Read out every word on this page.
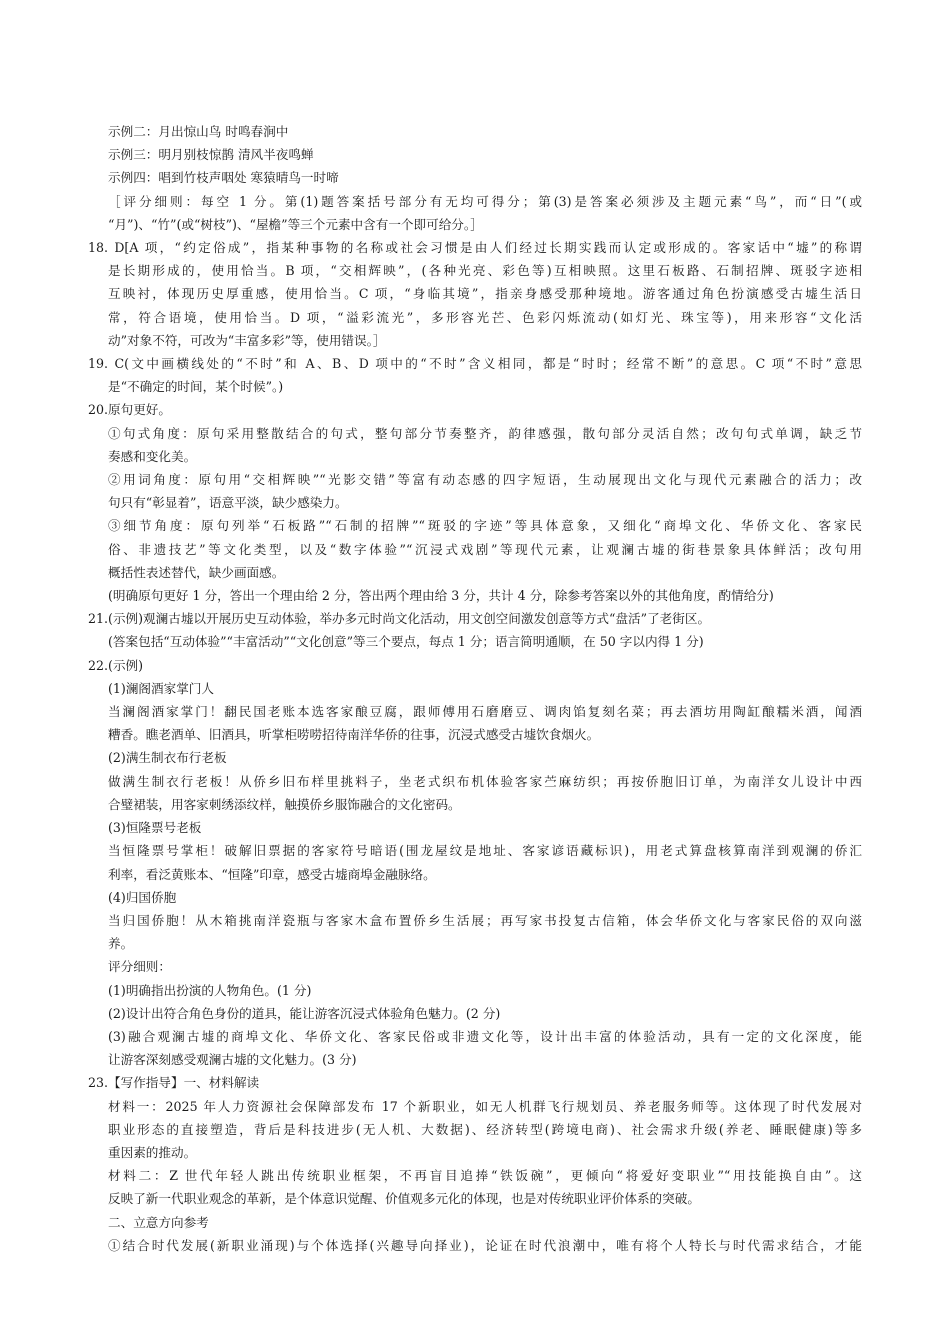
示例二：月出惊山鸟 时鸣春涧中
示例三：明月别枝惊鹊 清风半夜鸣蝉
示例四：唱到竹枝声咽处 寒猿晴鸟一时啼
［评分细则：每空 1 分。第(1)题答案括号部分有无均可得分；第(3)是答案必须涉及主题元素“鸟”，而“日”(或
“月”)、“竹”(或“树枝”)、“屋檐”等三个元素中含有一个即可给分。］
18. D[A 项，“约定俗成”，指某种事物的名称或社会习惯是由人们经过长期实践而认定或形成的。客家话中“墟”的称谓
是长期形成的，使用恰当。B 项，“交相辉映”，(各种光亮、彩色等)互相映照。这里石板路、石制招牌、斑驳字迹相
互映衬，体现历史厚重感，使用恰当。C 项，“身临其境”，指亲身感受那种境地。游客通过角色扮演感受古墟生活日
常，符合语境，使用恰当。D 项，“溢彩流光”，多形容光芒、色彩闪烁流动(如灯光、珠宝等)，用来形容“文化活
动”对象不符，可改为“丰富多彩”等，使用错误。］
19. C(文中画横线处的“不时”和 A、B、D 项中的“不时”含义相同，都是“时时；经常不断”的意思。C 项“不时”意思
是“不确定的时间，某个时候”。)
20.原句更好。
①句式角度：原句采用整散结合的句式，整句部分节奏整齐，韵律感强，散句部分灵活自然；改句句式单调，缺乏节
奏感和变化美。
②用词角度：原句用“交相辉映”“光影交错”等富有动态感的四字短语，生动展现出文化与现代元素融合的活力；改
句只有“彰显着”，语意平淡，缺少感染力。
③细节角度：原句列举“石板路”“石制的招牌”“斑驳的字迹”等具体意象，又细化“商埠文化、华侨文化、客家民
俗、非遗技艺”等文化类型，以及“数字体验”“沉浸式戏剧”等现代元素，让观澜古墟的街巷景象具体鲜活；改句用
概括性表述替代，缺少画面感。
(明确原句更好 1 分，答出一个理由给 2 分，答出两个理由给 3 分，共计 4 分，除参考答案以外的其他角度，酌情给分)
21.(示例)观澜古墟以开展历史互动体验，举办多元时尚文化活动，用文创空间激发创意等方式“盘活”了老街区。
(答案包括“互动体验”“丰富活动”“文化创意”等三个要点，每点 1 分；语言简明通顺，在 50 字以内得 1 分)
22.(示例)
(1)澜阁酒家掌门人
当澜阁酒家掌门！翻民国老账本选客家酿豆腐，跟师傅用石磨磨豆、调肉馅复刻名菜；再去酒坊用陶缸酿糯米酒，闻酒
糟香。瞧老酒单、旧酒具，听掌柜唠唠招待南洋华侨的往事，沉浸式感受古墟饮食烟火。
(2)满生制衣布行老板
做满生制衣行老板！从侨乡旧布样里挑料子，坐老式织布机体验客家苎麻纺织；再按侨胞旧订单，为南洋女儿设计中西
合璧裙装，用客家刺绣添纹样，触摸侨乡服饰融合的文化密码。
(3)恒隆票号老板
当恒隆票号掌柜！破解旧票据的客家符号暗语(围龙屋纹是地址、客家谚语藏标识)，用老式算盘核算南洋到观澜的侨汇
利率，看泛黄账本、“恒隆”印章，感受古墟商埠金融脉络。
(4)归国侨胞
当归国侨胞！从木箱挑南洋瓷瓶与客家木盒布置侨乡生活展；再写家书投复古信箱，体会华侨文化与客家民俗的双向滋
养。
评分细则：
(1)明确指出扮演的人物角色。(1 分)
(2)设计出符合角色身份的道具，能让游客沉浸式体验角色魅力。(2 分)
(3)融合观澜古墟的商埠文化、华侨文化、客家民俗或非遗文化等，设计出丰富的体验活动，具有一定的文化深度，能
让游客深刻感受观澜古墟的文化魅力。(3 分)
23.【写作指导】一、材料解读
材料一：2025 年人力资源社会保障部发布 17 个新职业，如无人机群飞行规划员、养老服务师等。这体现了时代发展对
职业形态的直接塑造，背后是科技进步(无人机、大数据)、经济转型(跨境电商)、社会需求升级(养老、睡眠健康)等多
重因素的推动。
材料二：Z 世代年轻人跳出传统职业框架，不再盲目追捧“铁饭碗”，更倾向“将爱好变职业”“用技能换自由”。这
反映了新一代职业观念的革新，是个体意识觉醒、价值观多元化的体现，也是对传统职业评价体系的突破。
二、立意方向参考
①结合时代发展(新职业涌现)与个体选择(兴趣导向择业)，论证在时代浪潮中，唯有将个人特长与时代需求结合，才能
